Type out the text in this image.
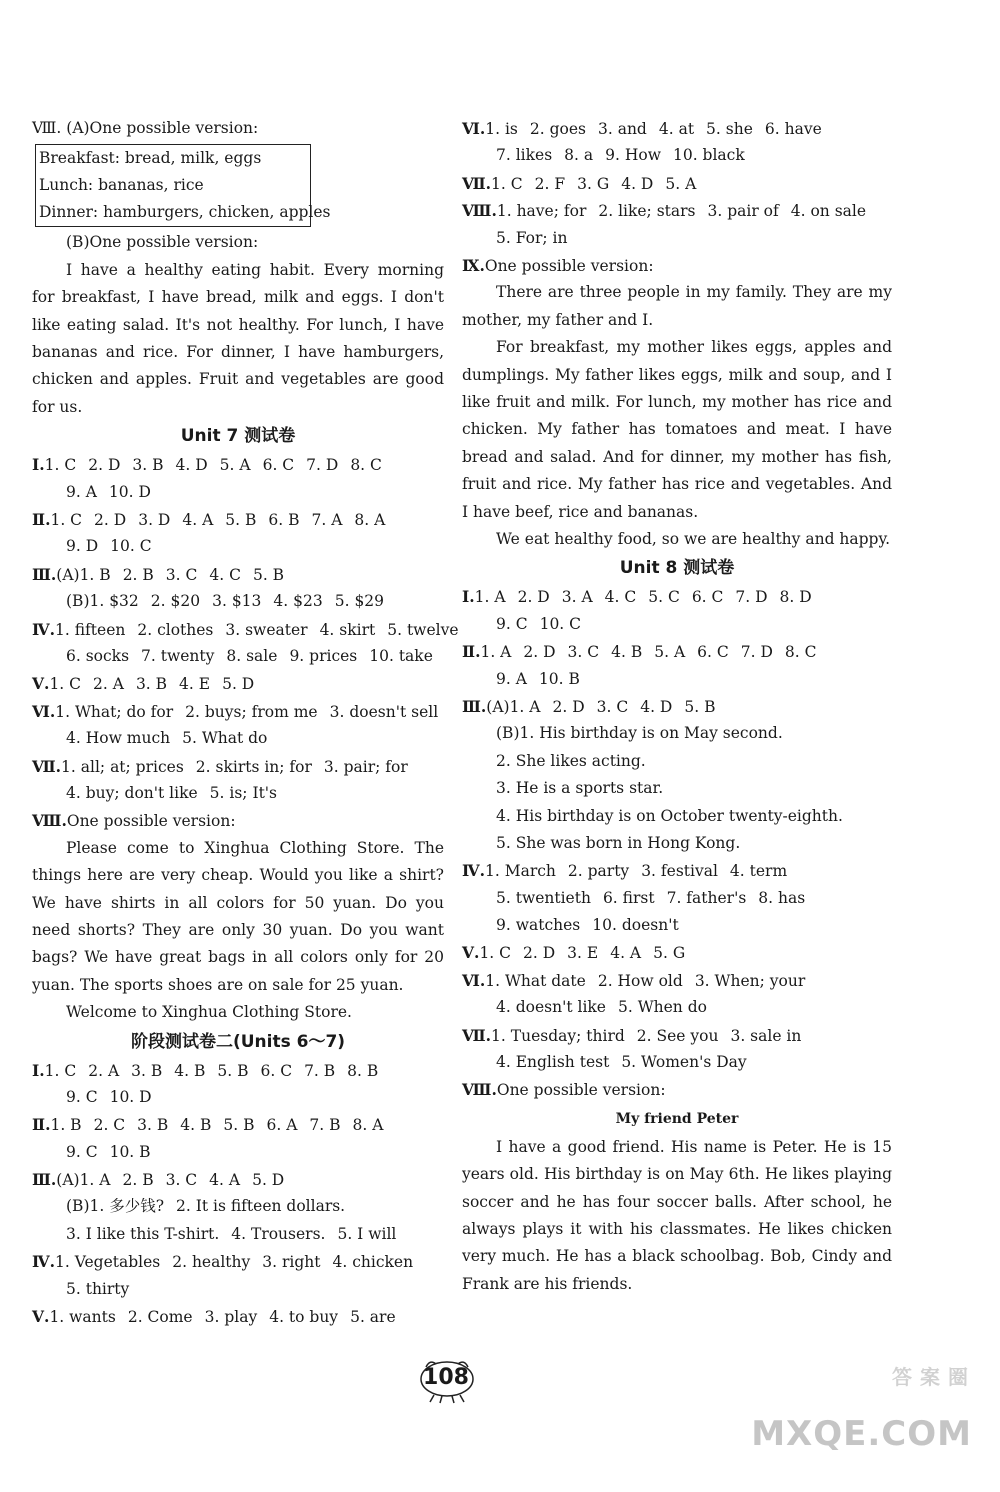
Ⅷ. (A)One possible version:
Breakfast: bread, milk, eggs
Lunch: bananas, rice
Dinner: hamburgers, chicken, apples
(B)One possible version:

I have a healthy eating habit. Every morning for breakfast, I have bread, milk and eggs. I don't like eating salad. It's not healthy. For lunch, I have bananas and rice. For dinner, I have hamburgers, chicken and apples. Fruit and vegetables are good for us.

Unit 7 测试卷
Ⅰ.1. C 2. D 3. B 4. D 5. A 6. C 7. D 8. C
9. A 10. D
Ⅱ.1. C 2. D 3. D 4. A 5. B 6. B 7. A 8. A
9. D 10. C
Ⅲ.(A)1. B 2. B 3. C 4. C 5. B
(B)1. $32 2. $20 3. $13 4. $23 5. $29
Ⅳ.1. fifteen 2. clothes 3. sweater 4. skirt 5. twelve
6. socks 7. twenty 8. sale 9. prices 10. take
Ⅴ.1. C 2. A 3. B 4. E 5. D
Ⅵ.1. What; do for 2. buys; from me 3. doesn't sell
4. How much 5. What do
Ⅶ.1. all; at; prices 2. skirts in; for 3. pair; for
4. buy; don't like 5. is; It's
Ⅷ.One possible version:

Please come to Xinghua Clothing Store. The things here are very cheap. Would you like a shirt? We have shirts in all colors for 50 yuan. Do you need shorts? They are only 30 yuan. Do you want bags? We have great bags in all colors only for 20 yuan. The sports shoes are on sale for 25 yuan.

Welcome to Xinghua Clothing Store.

阶段测试卷二(Units 6～7)
Ⅰ.1. C 2. A 3. B 4. B 5. B 6. C 7. B 8. B
9. C 10. D
Ⅱ.1. B 2. C 3. B 4. B 5. B 6. A 7. B 8. A
9. C 10. B
Ⅲ.(A)1. A 2. B 3. C 4. A 5. D
(B)1. 多少钱? 2. It is fifteen dollars.
3. I like this T-shirt. 4. Trousers. 5. I will
Ⅳ.1. Vegetables 2. healthy 3. right 4. chicken
5. thirty
Ⅴ.1. wants 2. Come 3. play 4. to buy 5. are
Ⅵ.1. is 2. goes 3. and 4. at 5. she 6. have
7. likes 8. a 9. How 10. black
Ⅶ.1. C 2. F 3. G 4. D 5. A
Ⅷ.1. have; for 2. like; stars 3. pair of 4. on sale
5. For; in
Ⅸ.One possible version:

There are three people in my family. They are my mother, my father and I.

For breakfast, my mother likes eggs, apples and dumplings. My father likes eggs, milk and soup, and I like fruit and milk. For lunch, my mother has rice and chicken. My father has tomatoes and meat. I have bread and salad. And for dinner, my mother has fish, fruit and rice. My father has rice and vegetables. And I have beef, rice and bananas.

We eat healthy food, so we are healthy and happy.

Unit 8 测试卷
Ⅰ.1. A 2. D 3. A 4. C 5. C 6. C 7. D 8. D
9. C 10. C
Ⅱ.1. A 2. D 3. C 4. B 5. A 6. C 7. D 8. C
9. A 10. B
Ⅲ.(A)1. A 2. D 3. C 4. D 5. B
(B)1. His birthday is on May second.
2. She likes acting.
3. He is a sports star.
4. His birthday is on October twenty-eighth.
5. She was born in Hong Kong.
Ⅳ.1. March 2. party 3. festival 4. term
5. twentieth 6. first 7. father's 8. has
9. watches 10. doesn't
Ⅴ.1. C 2. D 3. E 4. A 5. G
Ⅵ.1. What date 2. How old 3. When; your
4. doesn't like 5. When do
Ⅶ.1. Tuesday; third 2. See you 3. sale in
4. English test 5. Women's Day
Ⅷ.One possible version:
My friend Peter

I have a good friend. His name is Peter. He is 15 years old. His birthday is on May 6th. He likes playing soccer and he has four soccer balls. After school, he always plays it with his classmates. He likes chicken very much. He has a black schoolbag. Bob, Cindy and Frank are his friends.

108	答案圈
MXQE.COM
